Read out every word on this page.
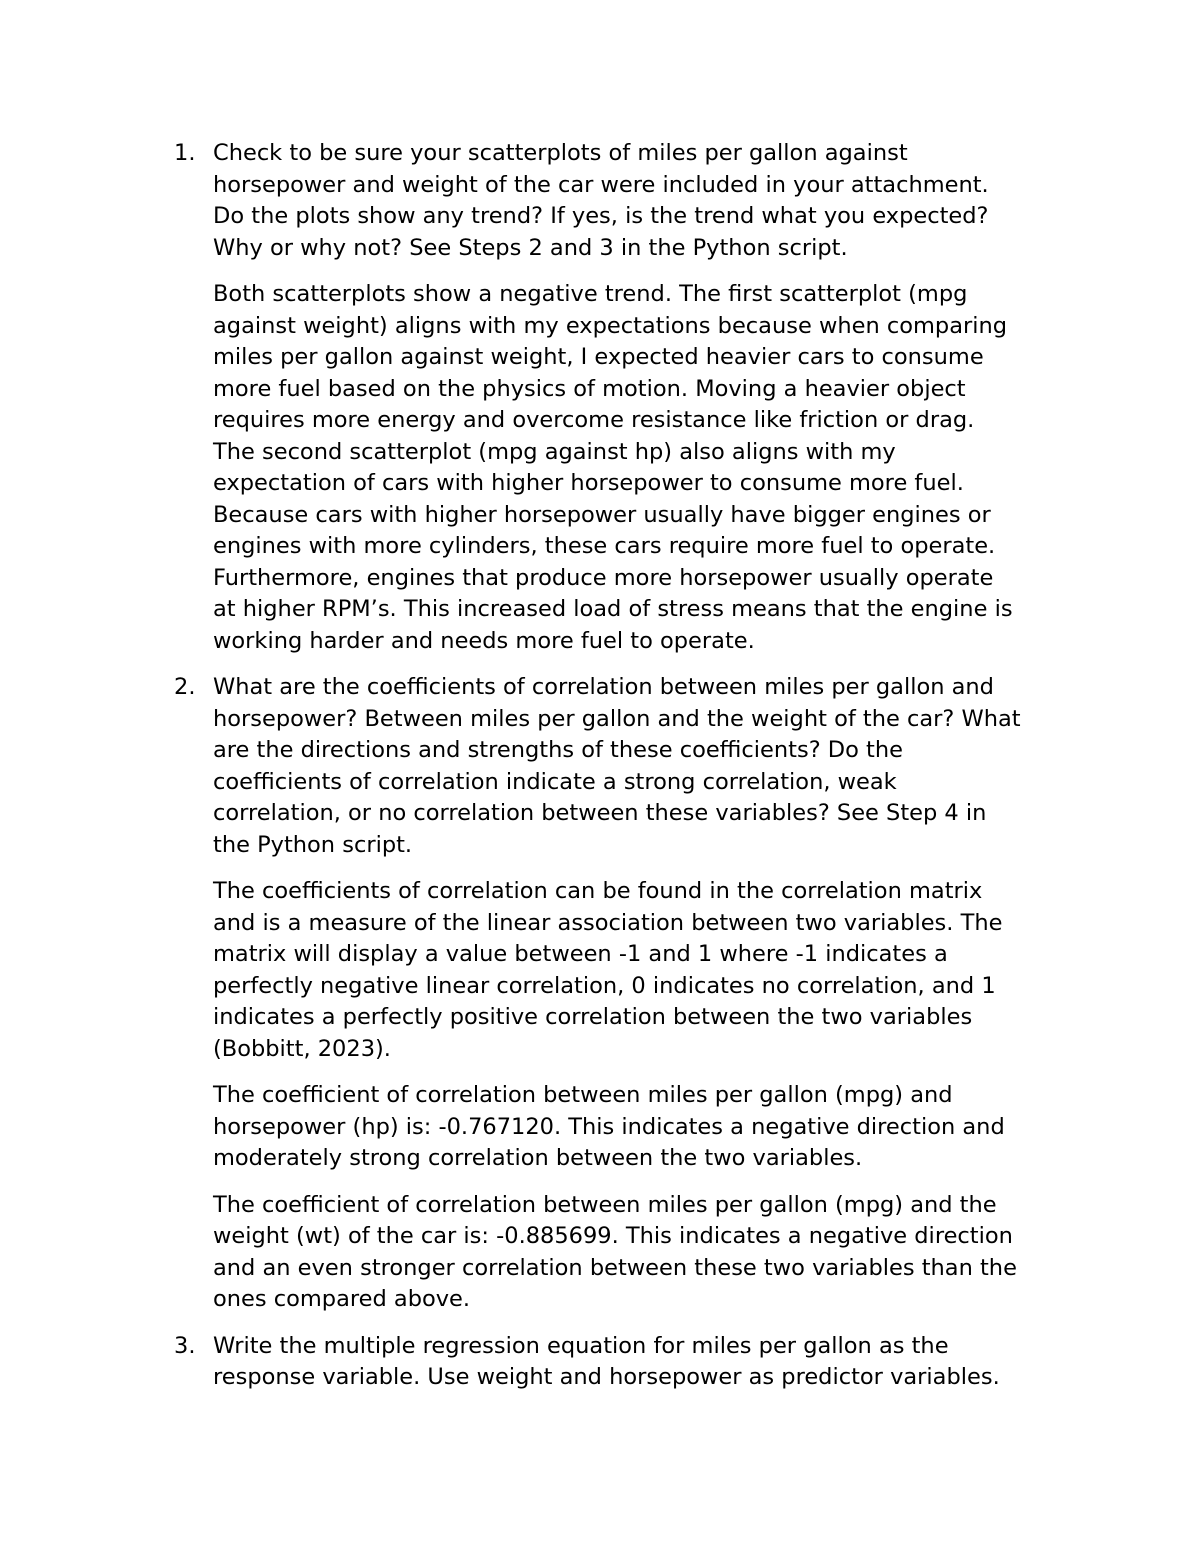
1. Check to be sure your scatterplots of miles per gallon against
horsepower and weight of the car were included in your attachment.
Do the plots show any trend? If yes, is the trend what you expected?
Why or why not? See Steps 2 and 3 in the Python script.

Both scatterplots show a negative trend. The first scatterplot (mpg
against weight) aligns with my expectations because when comparing
miles per gallon against weight, I expected heavier cars to consume
more fuel based on the physics of motion. Moving a heavier object
requires more energy and overcome resistance like friction or drag.
The second scatterplot (mpg against hp) also aligns with my
expectation of cars with higher horsepower to consume more fuel.
Because cars with higher horsepower usually have bigger engines or
engines with more cylinders, these cars require more fuel to operate.
Furthermore, engines that produce more horsepower usually operate
at higher RPM’s. This increased load of stress means that the engine is
working harder and needs more fuel to operate.

2. What are the coefficients of correlation between miles per gallon and
horsepower? Between miles per gallon and the weight of the car? What
are the directions and strengths of these coefficients? Do the
coefficients of correlation indicate a strong correlation, weak
correlation, or no correlation between these variables? See Step 4 in
the Python script.

The coefficients of correlation can be found in the correlation matrix
and is a measure of the linear association between two variables. The
matrix will display a value between -1 and 1 where -1 indicates a
perfectly negative linear correlation, 0 indicates no correlation, and 1
indicates a perfectly positive correlation between the two variables
(Bobbitt, 2023).

The coefficient of correlation between miles per gallon (mpg) and
horsepower (hp) is: -0.767120. This indicates a negative direction and
moderately strong correlation between the two variables.

The coefficient of correlation between miles per gallon (mpg) and the
weight (wt) of the car is: -0.885699. This indicates a negative direction
and an even stronger correlation between these two variables than the
ones compared above.

3. Write the multiple regression equation for miles per gallon as the
response variable. Use weight and horsepower as predictor variables.
